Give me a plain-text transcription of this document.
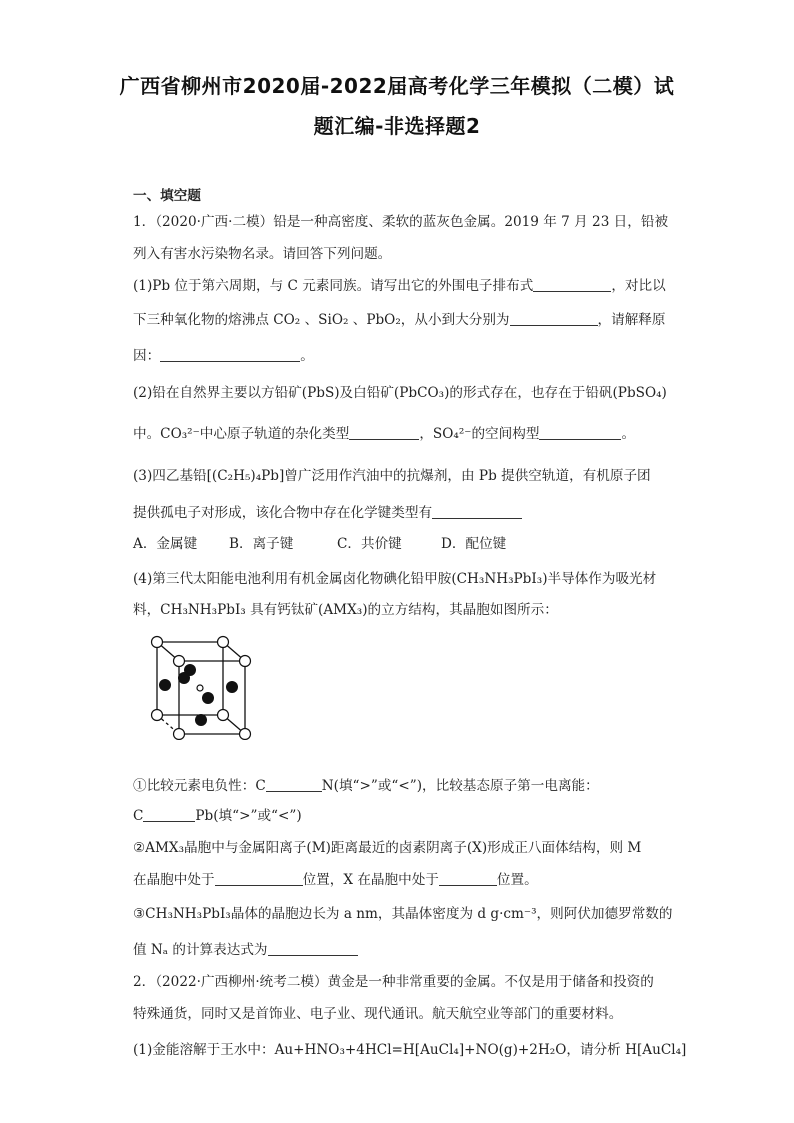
广西省柳州市2020届-2022届高考化学三年模拟（二模）试
题汇编-非选择题2
一、填空题
1．（2020·广西·二模）铅是一种高密度、柔软的蓝灰色金属。2019 年 7 月 23 日，铅被
列入有害水污染物名录。请回答下列问题。
(1)Pb 位于第六周期，与 C 元素同族。请写出它的外围电子排布式	，对比以
下三种氧化物的熔沸点 CO₂ 、SiO₂ 、PbO₂，从小到大分别为	，请解释原
因：	。
(2)铅在自然界主要以方铅矿(PbS)及白铅矿(PbCO₃)的形式存在，也存在于铅矾(PbSO₄)
中。CO₃²⁻中心原子轨道的杂化类型	，SO₄²⁻的空间构型	。
(3)四乙基铅[(C₂H₅)₄Pb]曾广泛用作汽油中的抗爆剂，由 Pb 提供空轨道，有机原子团
提供孤电子对形成，该化合物中存在化学键类型有
A．金属键 B．离子键	C．共价键	D．配位键
(4)第三代太阳能电池利用有机金属卤化物碘化铅甲胺(CH₃NH₃PbI₃)半导体作为吸光材
料，CH₃NH₃PbI₃ 具有钙钛矿(AMX₃)的立方结构，其晶胞如图所示：
①比较元素电负性：C	N(填“>”或“<”)，比较基态原子第一电离能：
C	Pb(填“>”或“<”)
②AMX₃晶胞中与金属阳离子(M)距离最近的卤素阴离子(X)形成正八面体结构，则 M
在晶胞中处于	位置，X 在晶胞中处于	位置。
③CH₃NH₃PbI₃晶体的晶胞边长为 a nm，其晶体密度为 d g·cm⁻³，则阿伏加德罗常数的
值 Nₐ 的计算表达式为
2．（2022·广西柳州·统考二模）黄金是一种非常重要的金属。不仅是用于储备和投资的
特殊通货，同时又是首饰业、电子业、现代通讯。航天航空业等部门的重要材料。
(1)金能溶解于王水中：Au+HNO₃+4HCl=H[AuCl₄]+NO(g)+2H₂O，请分析 H[AuCl₄]
